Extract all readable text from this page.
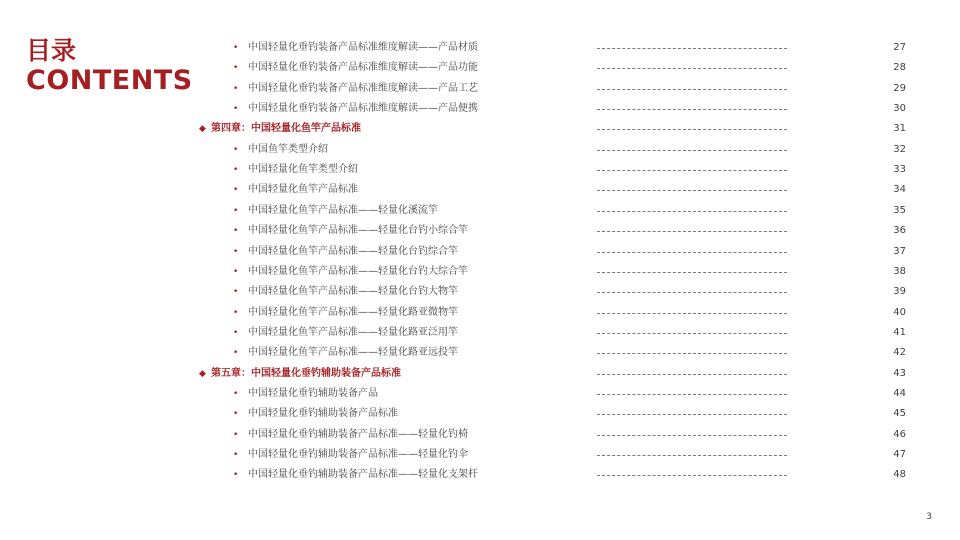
目录
CONTENTS
• 中国轻量化垂钓装备产品标准维度解读——产品材质	27
• 中国轻量化垂钓装备产品标准维度解读——产品功能	28
• 中国轻量化垂钓装备产品标准维度解读——产品工艺	29
• 中国轻量化垂钓装备产品标准维度解读——产品便携	30
◆ 第四章：中国轻量化鱼竿产品标准	31
• 中国鱼竿类型介绍	32
• 中国轻量化鱼竿类型介绍	33
• 中国轻量化鱼竿产品标准	34
• 中国轻量化鱼竿产品标准——轻量化溪流竿	35
• 中国轻量化鱼竿产品标准——轻量化台钓小综合竿	36
• 中国轻量化鱼竿产品标准——轻量化台钓综合竿	37
• 中国轻量化鱼竿产品标准——轻量化台钓大综合竿	38
• 中国轻量化鱼竿产品标准——轻量化台钓大物竿	39
• 中国轻量化鱼竿产品标准——轻量化路亚微物竿	40
• 中国轻量化鱼竿产品标准——轻量化路亚泛用竿	41
• 中国轻量化鱼竿产品标准——轻量化路亚远投竿	42
◆ 第五章：中国轻量化垂钓辅助装备产品标准	43
• 中国轻量化垂钓辅助装备产品	44
• 中国轻量化垂钓辅助装备产品标准	45
• 中国轻量化垂钓辅助装备产品标准——轻量化钓椅	46
• 中国轻量化垂钓辅助装备产品标准——轻量化钓伞	47
• 中国轻量化垂钓辅助装备产品标准——轻量化支架杆	48
3
